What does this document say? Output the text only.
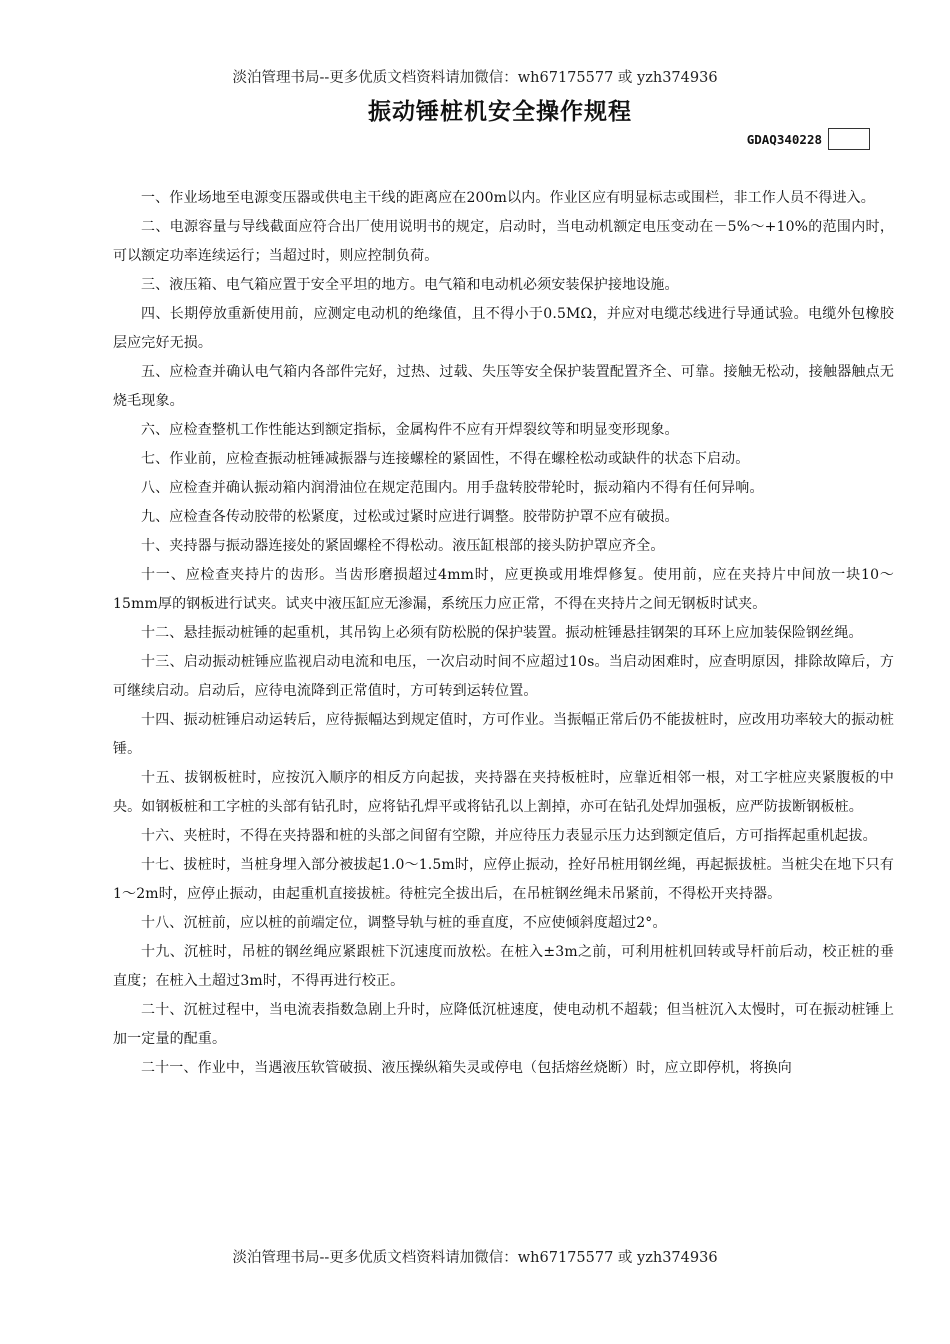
淡泊管理书局--更多优质文档资料请加微信：wh67175577 或 yzh374936
振动锤桩机安全操作规程
GDAQ340228

一、作业场地至电源变压器或供电主干线的距离应在200m以内。作业区应有明显标志或围栏，非工作人员不得进入。

二、电源容量与导线截面应符合出厂使用说明书的规定，启动时，当电动机额定电压变动在－5%～+10%的范围内时，可以额定功率连续运行；当超过时，则应控制负荷。

三、液压箱、电气箱应置于安全平坦的地方。电气箱和电动机必须安装保护接地设施。

四、长期停放重新使用前，应测定电动机的绝缘值，且不得小于0.5MΩ，并应对电缆芯线进行导通试验。电缆外包橡胶层应完好无损。

五、应检查并确认电气箱内各部件完好，过热、过载、失压等安全保护装置配置齐全、可靠。接触无松动，接触器触点无烧毛现象。

六、应检查整机工作性能达到额定指标，金属构件不应有开焊裂纹等和明显变形现象。

七、作业前，应检查振动桩锤减振器与连接螺栓的紧固性，不得在螺栓松动或缺件的状态下启动。

八、应检查并确认振动箱内润滑油位在规定范围内。用手盘转胶带轮时，振动箱内不得有任何异响。

九、应检查各传动胶带的松紧度，过松或过紧时应进行调整。胶带防护罩不应有破损。

十、夹持器与振动器连接处的紧固螺栓不得松动。液压缸根部的接头防护罩应齐全。

十一、应检查夹持片的齿形。当齿形磨损超过4mm时，应更换或用堆焊修复。使用前，应在夹持片中间放一块10～15mm厚的钢板进行试夹。试夹中液压缸应无渗漏，系统压力应正常，不得在夹持片之间无钢板时试夹。

十二、悬挂振动桩锤的起重机，其吊钩上必须有防松脱的保护装置。振动桩锤悬挂钢架的耳环上应加装保险钢丝绳。

十三、启动振动桩锤应监视启动电流和电压，一次启动时间不应超过10s。当启动困难时，应查明原因，排除故障后，方可继续启动。启动后，应待电流降到正常值时，方可转到运转位置。

十四、振动桩锤启动运转后，应待振幅达到规定值时，方可作业。当振幅正常后仍不能拔桩时，应改用功率较大的振动桩锤。

十五、拔钢板桩时，应按沉入顺序的相反方向起拔，夹持器在夹持板桩时，应靠近相邻一根，对工字桩应夹紧腹板的中央。如钢板桩和工字桩的头部有钻孔时，应将钻孔焊平或将钻孔以上割掉，亦可在钻孔处焊加强板，应严防拔断钢板桩。

十六、夹桩时，不得在夹持器和桩的头部之间留有空隙，并应待压力表显示压力达到额定值后，方可指挥起重机起拔。

十七、拔桩时，当桩身埋入部分被拔起1.0～1.5m时，应停止振动，拴好吊桩用钢丝绳，再起振拔桩。当桩尖在地下只有1～2m时，应停止振动，由起重机直接拔桩。待桩完全拔出后，在吊桩钢丝绳未吊紧前，不得松开夹持器。

十八、沉桩前，应以桩的前端定位，调整导轨与桩的垂直度，不应使倾斜度超过2°。

十九、沉桩时，吊桩的钢丝绳应紧跟桩下沉速度而放松。在桩入±3m之前，可利用桩机回转或导杆前后动，校正桩的垂直度；在桩入土超过3m时，不得再进行校正。

二十、沉桩过程中，当电流表指数急剧上升时，应降低沉桩速度，使电动机不超载；但当桩沉入太慢时，可在振动桩锤上加一定量的配重。

二十一、作业中，当遇液压软管破损、液压操纵箱失灵或停电（包括熔丝烧断）时，应立即停机，将换向

淡泊管理书局--更多优质文档资料请加微信：wh67175577 或 yzh374936
